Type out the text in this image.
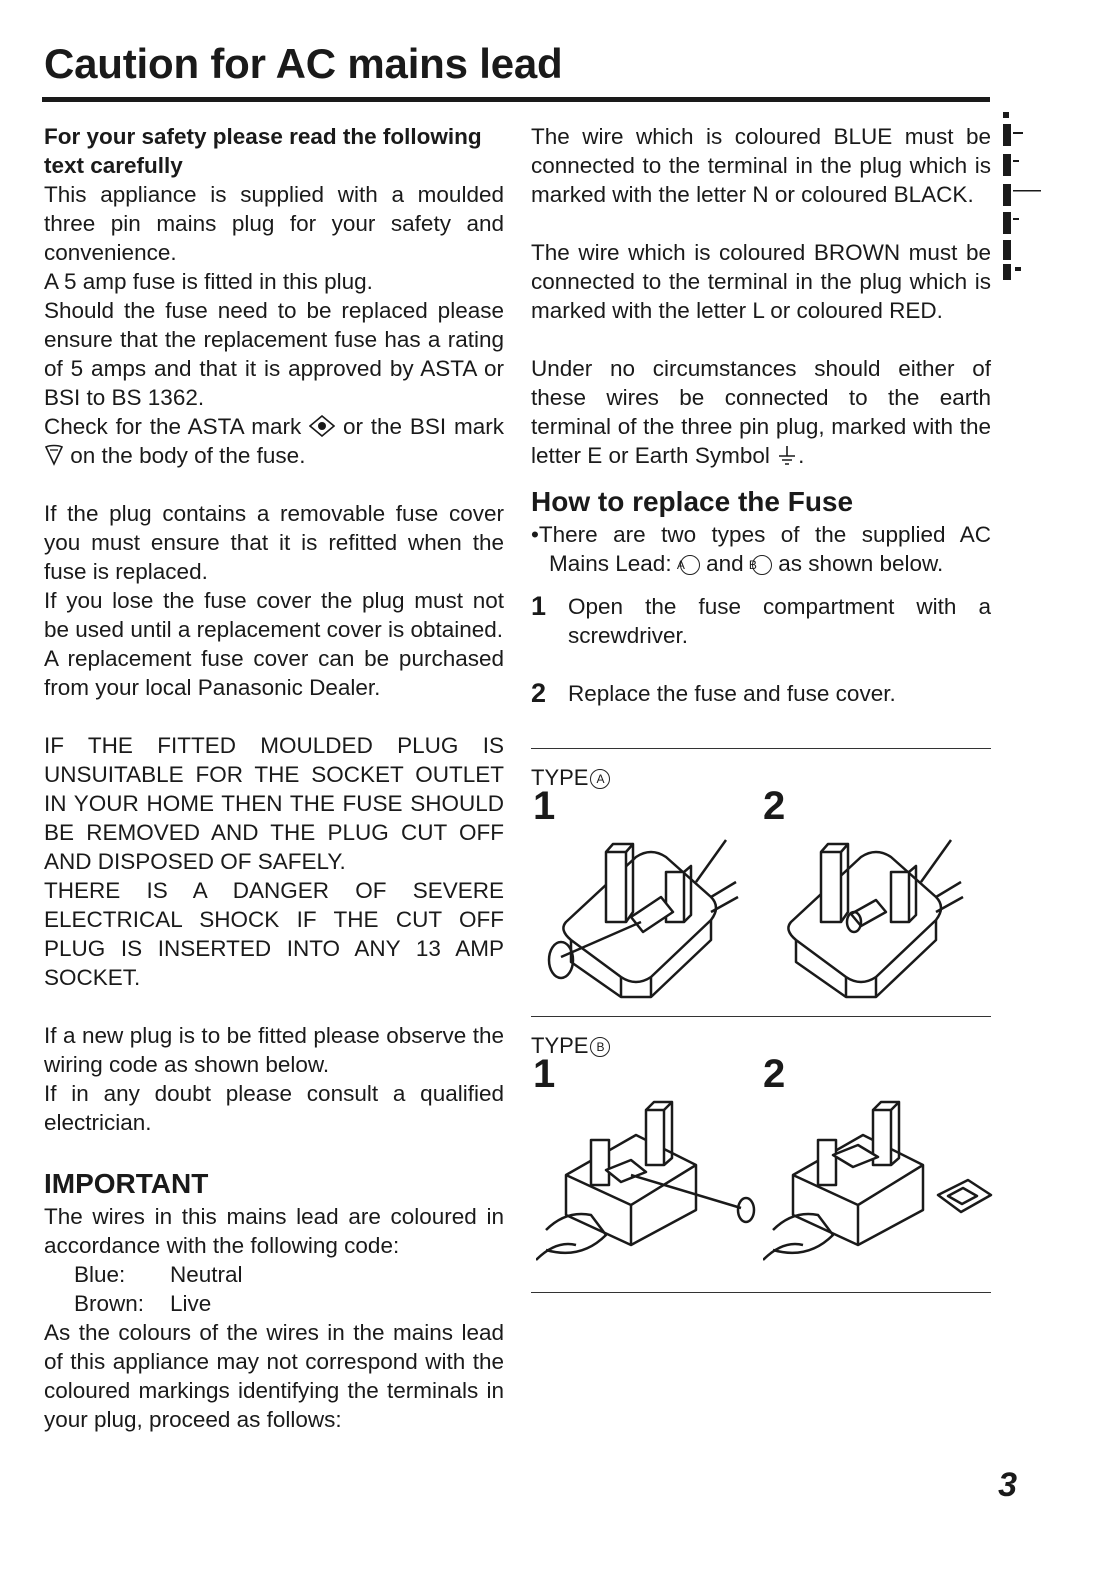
Caution for AC mains lead

For your safety please read the following text carefully

This appliance is supplied with a moulded three pin mains plug for your safety and convenience.

A 5 amp fuse is fitted in this plug.

Should the fuse need to be replaced please ensure that the replacement fuse has a rating of 5 amps and that it is approved by ASTA or BSI to BS 1362.

Check for the ASTA mark or the BSI mark  on the body of the fuse.

If the plug contains a removable fuse cover you must ensure that it is refitted when the fuse is replaced.

If you lose the fuse cover the plug must not be used until a replacement cover is obtained.

A replacement fuse cover can be purchased from your local Panasonic Dealer.

IF THE FITTED MOULDED PLUG IS UNSUITABLE FOR THE SOCKET OUTLET IN YOUR HOME THEN THE FUSE SHOULD BE REMOVED AND THE PLUG CUT OFF AND DISPOSED OF SAFELY.

THERE IS A DANGER OF SEVERE ELECTRICAL SHOCK IF THE CUT OFF PLUG IS INSERTED INTO ANY 13 AMP SOCKET.

If a new plug is to be fitted please observe the wiring code as shown below.

If in any doubt please consult a qualified electrician.

IMPORTANT

The wires in this mains lead are coloured in accordance with the following code:

Blue: Neutral
Brown: Live

As the colours of the wires in the mains lead of this appliance may not correspond with the coloured markings identifying the terminals in your plug, proceed as follows:

The wire which is coloured BLUE must be connected to the terminal in the plug which is marked with the letter N or coloured BLACK.

The wire which is coloured BROWN must be connected to the terminal in the plug which is marked with the letter L or coloured RED.

Under no circumstances should either of these wires be connected to the earth terminal of the three pin plug, marked with the letter E or Earth Symbol .

How to replace the Fuse

•There are two types of the supplied AC Mains Lead: A and B as shown below.

1 Open the fuse compartment with a screwdriver.
2 Replace the fuse and fuse cover.
TYPE A
1	2
TYPE B
1	2
3
